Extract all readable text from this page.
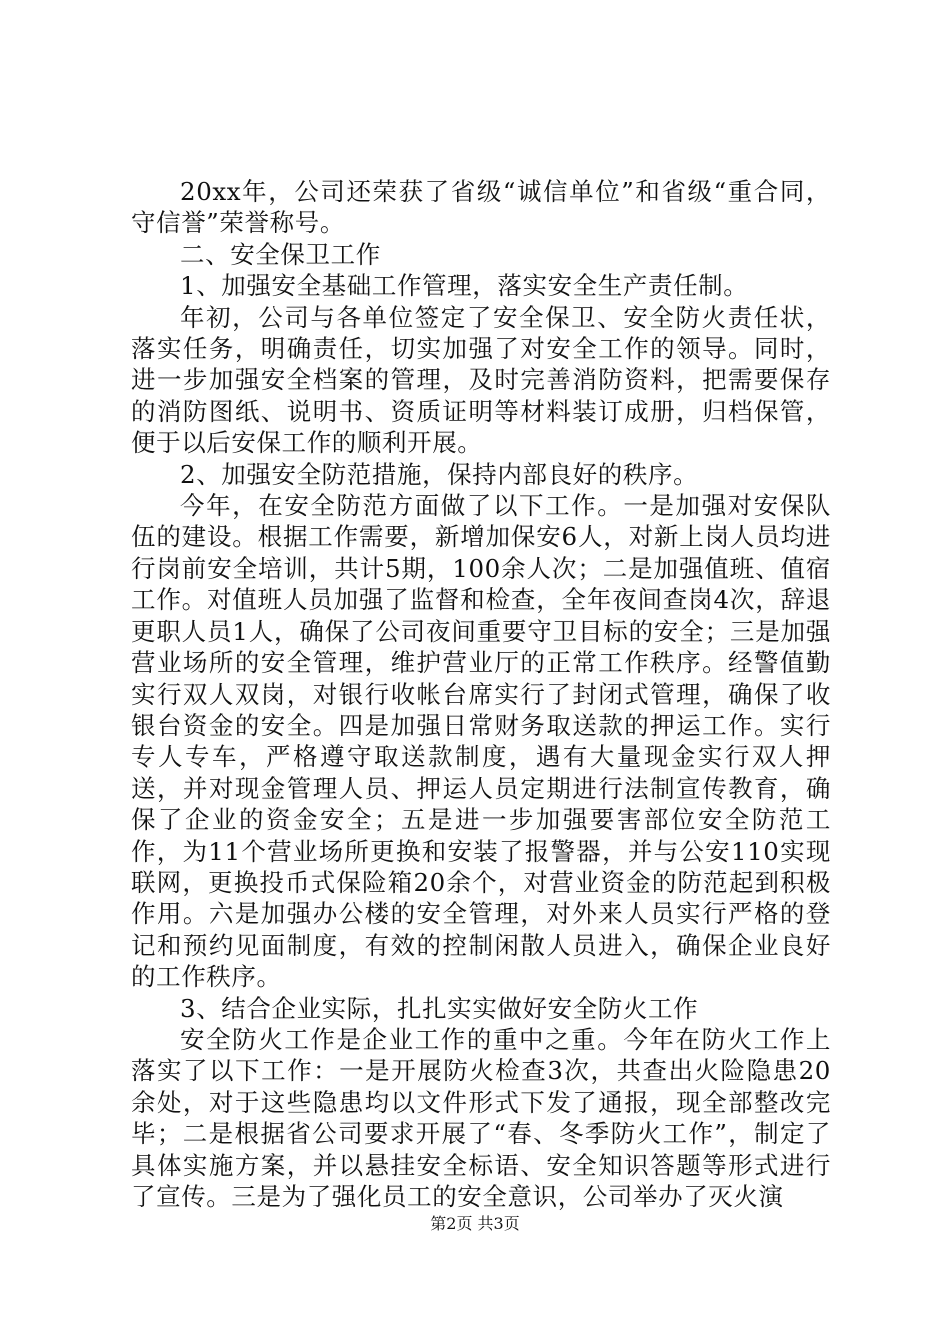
20xx年，公司还荣获了省级“诚信单位”和省级“重合同，守信誉”荣誉称号。

二、安全保卫工作

1、加强安全基础工作管理，落实安全生产责任制。

年初，公司与各单位签定了安全保卫、安全防火责任状，落实任务，明确责任，切实加强了对安全工作的领导。同时，进一步加强安全档案的管理，及时完善消防资料，把需要保存的消防图纸、说明书、资质证明等材料装订成册，归档保管，便于以后安保工作的顺利开展。

2、加强安全防范措施，保持内部良好的秩序。

今年，在安全防范方面做了以下工作。一是加强对安保队伍的建设。根据工作需要，新增加保安6人，对新上岗人员均进行岗前安全培训，共计5期，100余人次；二是加强值班、值宿工作。对值班人员加强了监督和检查，全年夜间查岗4次，辞退更职人员1人，确保了公司夜间重要守卫目标的安全；三是加强营业场所的安全管理，维护营业厅的正常工作秩序。经警值勤实行双人双岗，对银行收帐台席实行了封闭式管理，确保了收银台资金的安全。四是加强日常财务取送款的押运工作。实行专人专车，严格遵守取送款制度，遇有大量现金实行双人押送，并对现金管理人员、押运人员定期进行法制宣传教育，确保了企业的资金安全；五是进一步加强要害部位安全防范工作，为11个营业场所更换和安装了报警器，并与公安110实现联网，更换投币式保险箱20余个，对营业资金的防范起到积极作用。六是加强办公楼的安全管理，对外来人员实行严格的登记和预约见面制度，有效的控制闲散人员进入，确保企业良好的工作秩序。

3、结合企业实际，扎扎实实做好安全防火工作

安全防火工作是企业工作的重中之重。今年在防火工作上落实了以下工作：一是开展防火检查3次，共查出火险隐患20余处，对于这些隐患均以文件形式下发了通报，现全部整改完毕；二是根据省公司要求开展了“春、冬季防火工作”，制定了具体实施方案，并以悬挂安全标语、安全知识答题等形式进行了宣传。三是为了强化员工的安全意识，公司举办了灭火演

第2页 共3页
